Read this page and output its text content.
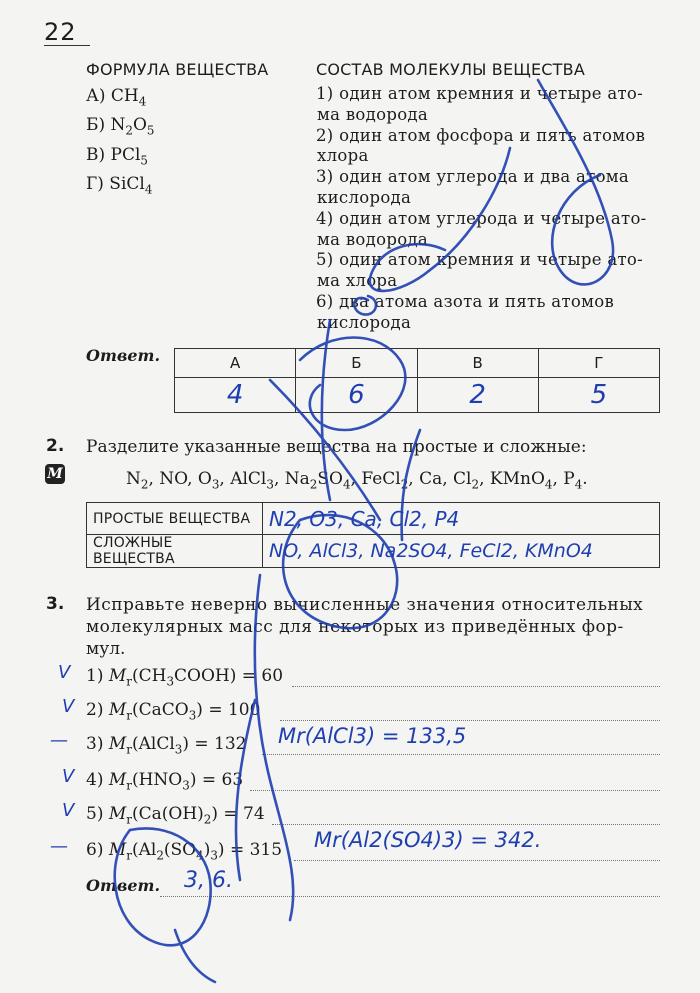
22
ФОРМУЛА ВЕЩЕСТВА	СОСТАВ МОЛЕКУЛЫ ВЕЩЕСТВА
А) $CH_4$
Б) $N_2O_5$
В) PCl$_5$
Г) SiCl$_4$
1) один атом кремния и четыре ато-
ма водорода
2) один атом фосфора и пять атомов
хлора
3) один атом углерода и два атома
кислорода
4) один атом углерода и четыре ато-
ма водорода
5) один атом кремния и четыре ато-
ма хлора
6) два атома азота и пять атомов
кислорода
Ответ.	А	Б	В	Г
4	6	2	5
2. Разделите указанные вещества на простые и сложные:
М	$N_2$, NO, $O_3$, AlCl$_3$, $Na_2SO_4$, FeCl$_2$, Ca, $Cl_2$, KMnO$_4$, $P_4$.
ПРОСТЫЕ ВЕЩЕСТВА	N2, O3, Ca, Cl2, P4
СЛОЖНЫЕ ВЕЩЕСТВА	NO, AlCl3, Na2SO4, FeCl2, KMnO4
3. Исправьте неверно вычисленные значения относительных
молекулярных масс для некоторых из приведённых фор-
мул.
1) $M_r(CH_3COOH) = 60$
2) $M_r(CaCO_3) = 100$
3) $M_r(AlCl_3) = 132$ Mr(AlCl3) = 133,5
4) $M_r(HNO_3) = 63$
5) $M_r(Ca(OH)_2) = 74$
6) $M_r(Al_2(SO_4)_3) = 315$ Mr(Al2(SO4)3) = 342.
V
V
—
V
V
—
Ответ. 3, 6.
